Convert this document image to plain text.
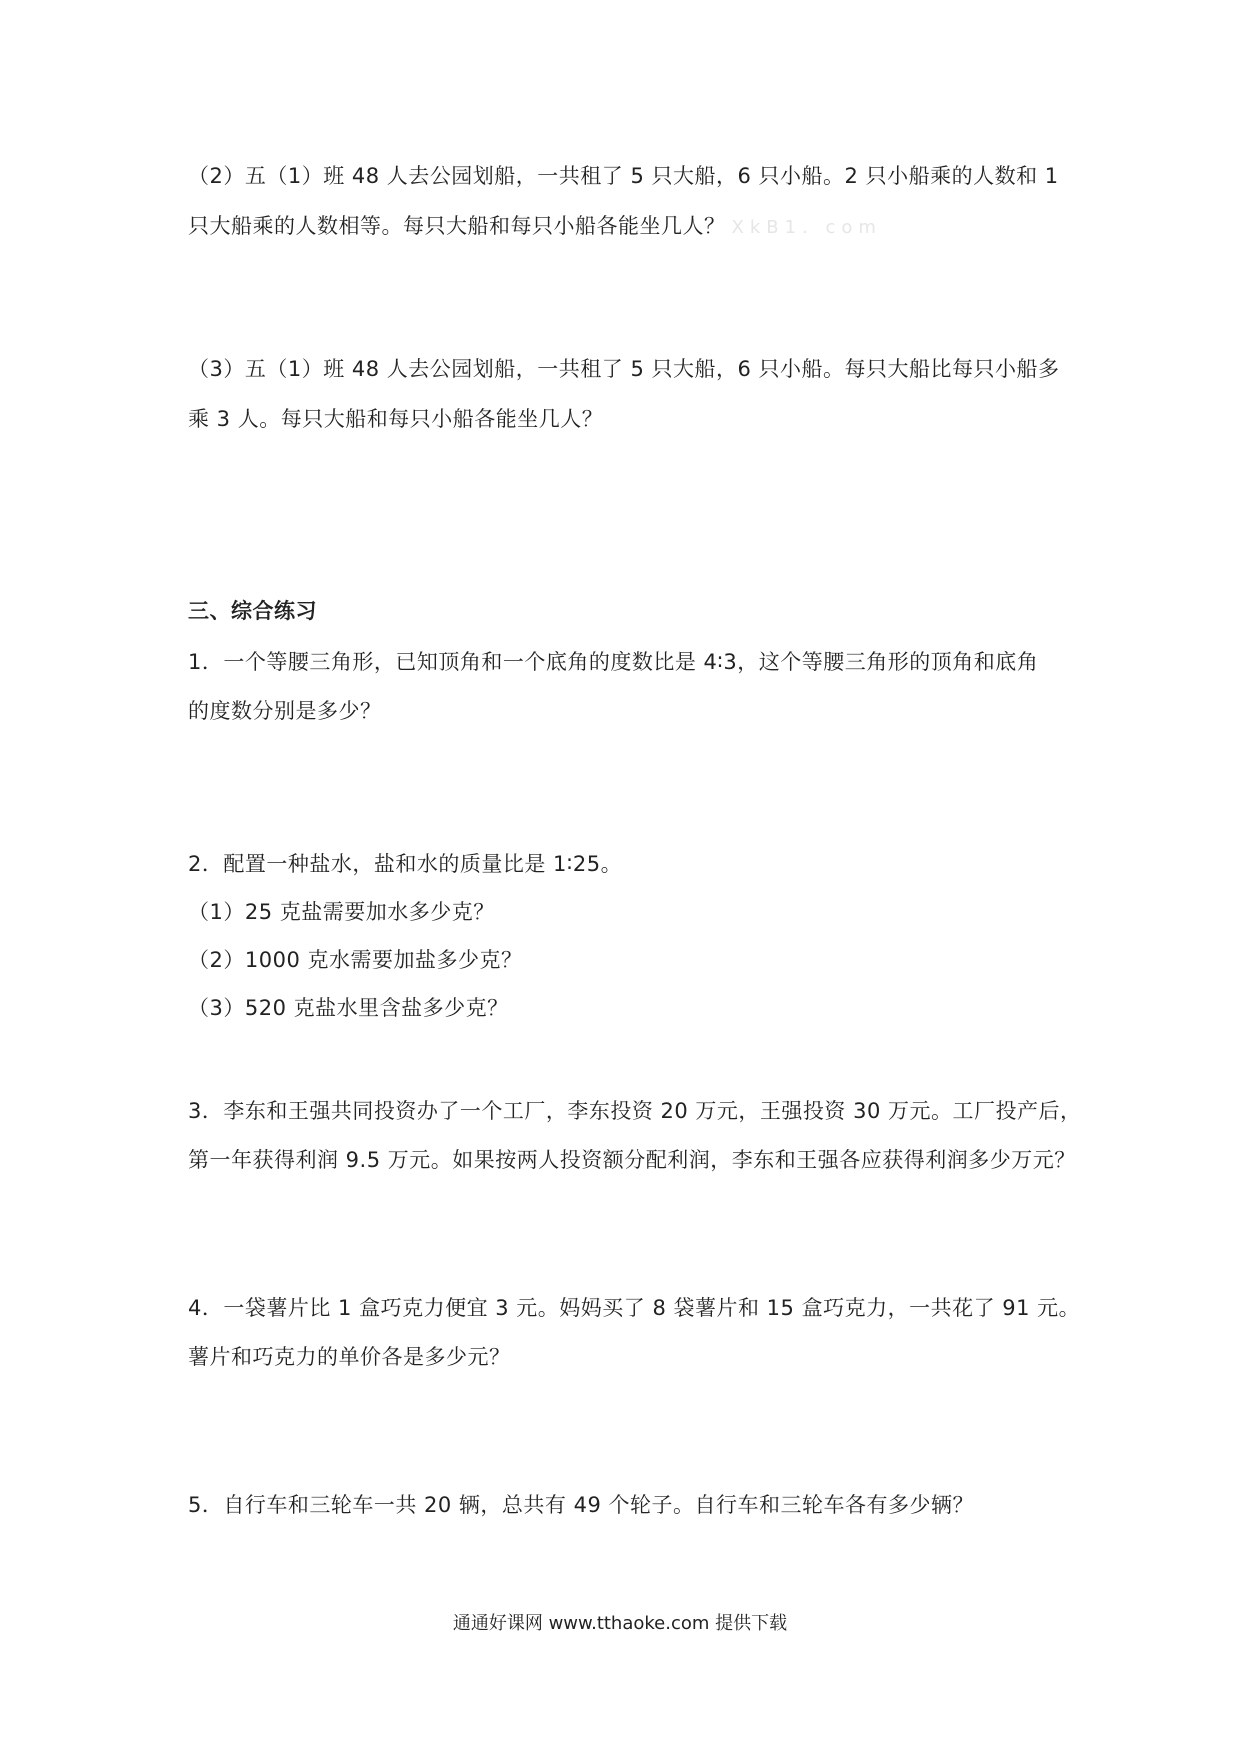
（2）五（1）班 48 人去公园划船，一共租了 5 只大船，6 只小船。2 只小船乘的人数和 1
只大船乘的人数相等。每只大船和每只小船各能坐几人？ XkB1. com
（3）五（1）班 48 人去公园划船，一共租了 5 只大船，6 只小船。每只大船比每只小船多
乘 3 人。每只大船和每只小船各能坐几人？
三、综合练习
1．一个等腰三角形，已知顶角和一个底角的度数比是 4∶3，这个等腰三角形的顶角和底角
的度数分别是多少？
2．配置一种盐水，盐和水的质量比是 1∶25。
（1）25 克盐需要加水多少克？
（2）1000 克水需要加盐多少克？
（3）520 克盐水里含盐多少克？
3．李东和王强共同投资办了一个工厂，李东投资 20 万元，王强投资 30 万元。工厂投产后，
第一年获得利润 9.5 万元。如果按两人投资额分配利润，李东和王强各应获得利润多少万元？
4．一袋薯片比 1 盒巧克力便宜 3 元。妈妈买了 8 袋薯片和 15 盒巧克力，一共花了 91 元。
薯片和巧克力的单价各是多少元？
5．自行车和三轮车一共 20 辆，总共有 49 个轮子。自行车和三轮车各有多少辆？
通通好课网 www.tthaoke.com 提供下载
